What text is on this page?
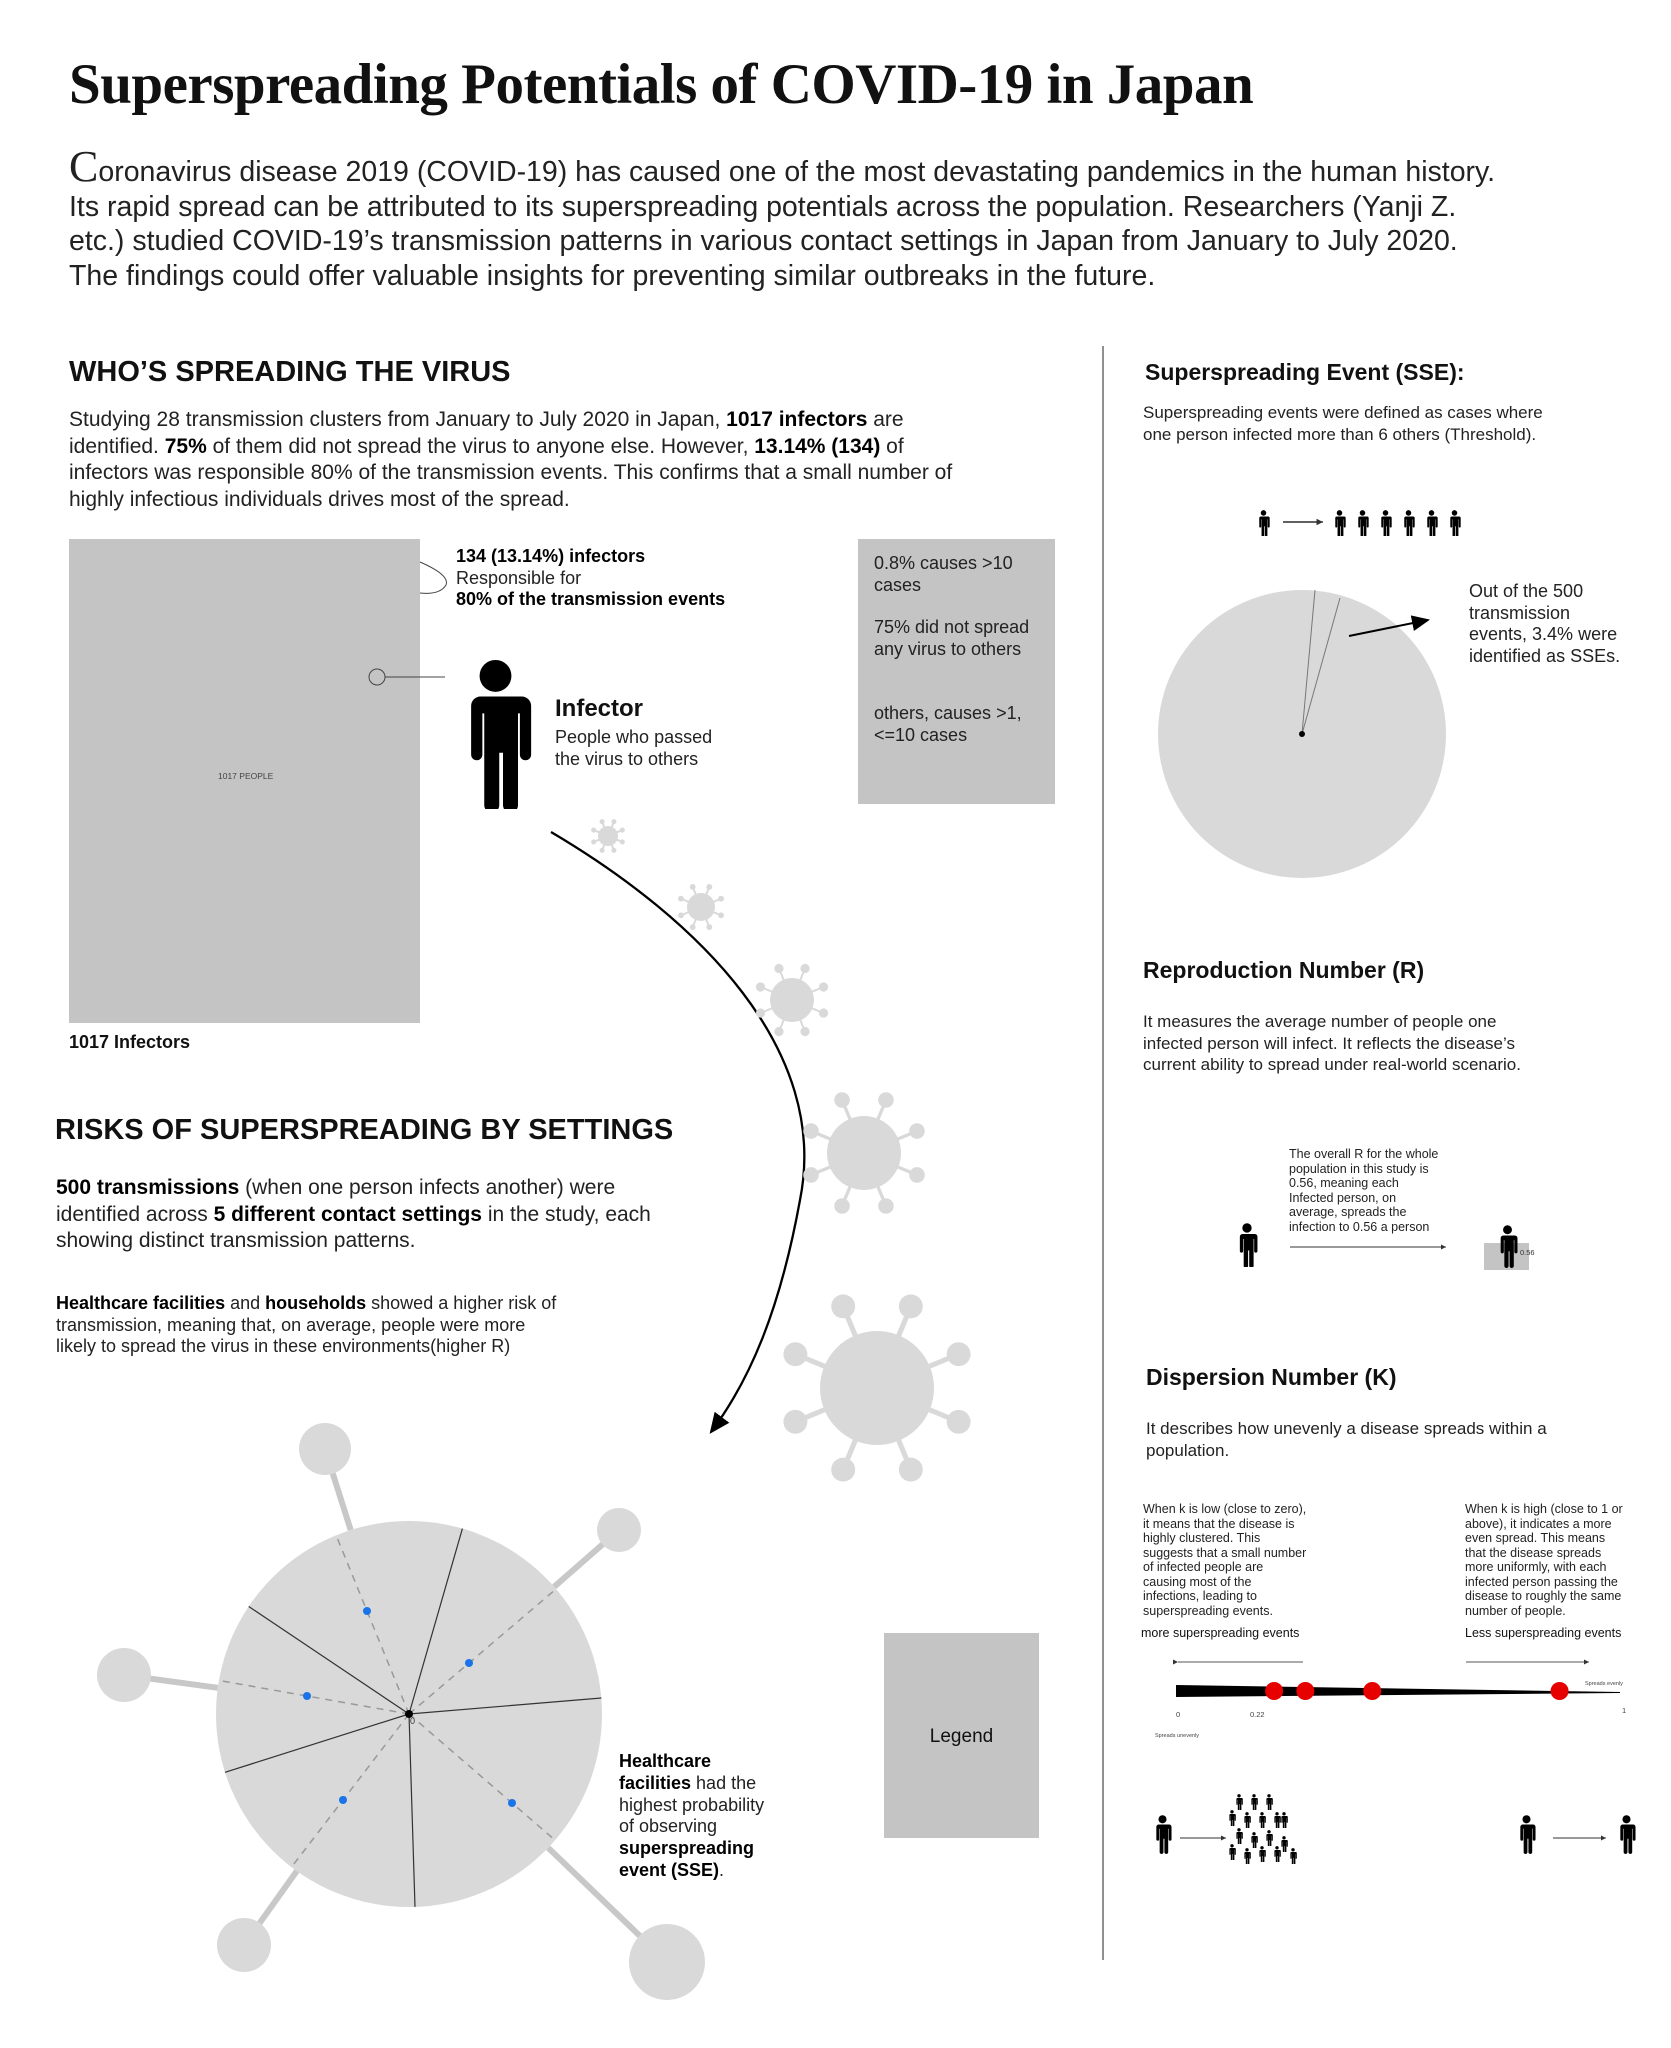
Superspreading Potentials of COVID-19 in Japan
Coronavirus disease 2019 (COVID-19) has caused one of the most devastating pandemics in the human history.
Its rapid spread can be attributed to its superspreading potentials across the population. Researchers (Yanji Z.
etc.) studied COVID-19’s transmission patterns in various contact settings in Japan from January to July 2020.
The findings could offer valuable insights for preventing similar outbreaks in the future.
WHO’S SPREADING THE VIRUS
Studying 28 transmission clusters from January to July 2020 in Japan, 1017 infectors are
identified. 75% of them did not spread the virus to anyone else. However, 13.14% (134) of
infectors was responsible 80% of the transmission events. This confirms that a small number of
highly infectious individuals drives most of the spread.
1017 PEOPLE
1017 Infectors
134 (13.14%) infectors
Responsible for
80% of the transmission events
Infector
People who passed
the virus to others
0.8% causes >10
cases
75% did not spread
any virus to others
others, causes >1,
<=10 cases
RISKS OF SUPERSPREADING BY SETTINGS
500 transmissions (when one person infects another) were
identified across 5 different contact settings in the study, each
showing distinct transmission patterns.
Healthcare facilities and households showed a higher risk of
transmission, meaning that, on average, people were more
likely to spread the virus in these environments(higher R)
0
Legend
Healthcare
facilities had the
highest probability
of observing
superspreading
event (SSE).
Superspreading Event (SSE):
Superspreading events were defined as cases where
one person infected more than 6 others (Threshold).
Out of the 500
transmission
events, 3.4% were
identified as SSEs.
Reproduction Number (R)
It measures the average number of people one
infected person will infect. It reflects the disease’s
current ability to spread under real-world scenario.
The overall R for the whole
population in this study is
0.56, meaning each
Infected person, on
average, spreads the
infection to 0.56 a person
0.56
Dispersion Number (K)
It describes how unevenly a disease spreads within a
population.
When k is low (close to zero),
it means that the disease is
highly clustered. This
suggests that a small number
of infected people are
causing most of the
infections, leading to
superspreading events.
When k is high (close to 1 or
above), it indicates a more
even spread. This means
that the disease spreads
more uniformly, with each
infected person passing the
disease to roughly the same
number of people.
more superspreading events	Less superspreading events
0	0.22	1
Spreads evenly
Spreads unevenly
